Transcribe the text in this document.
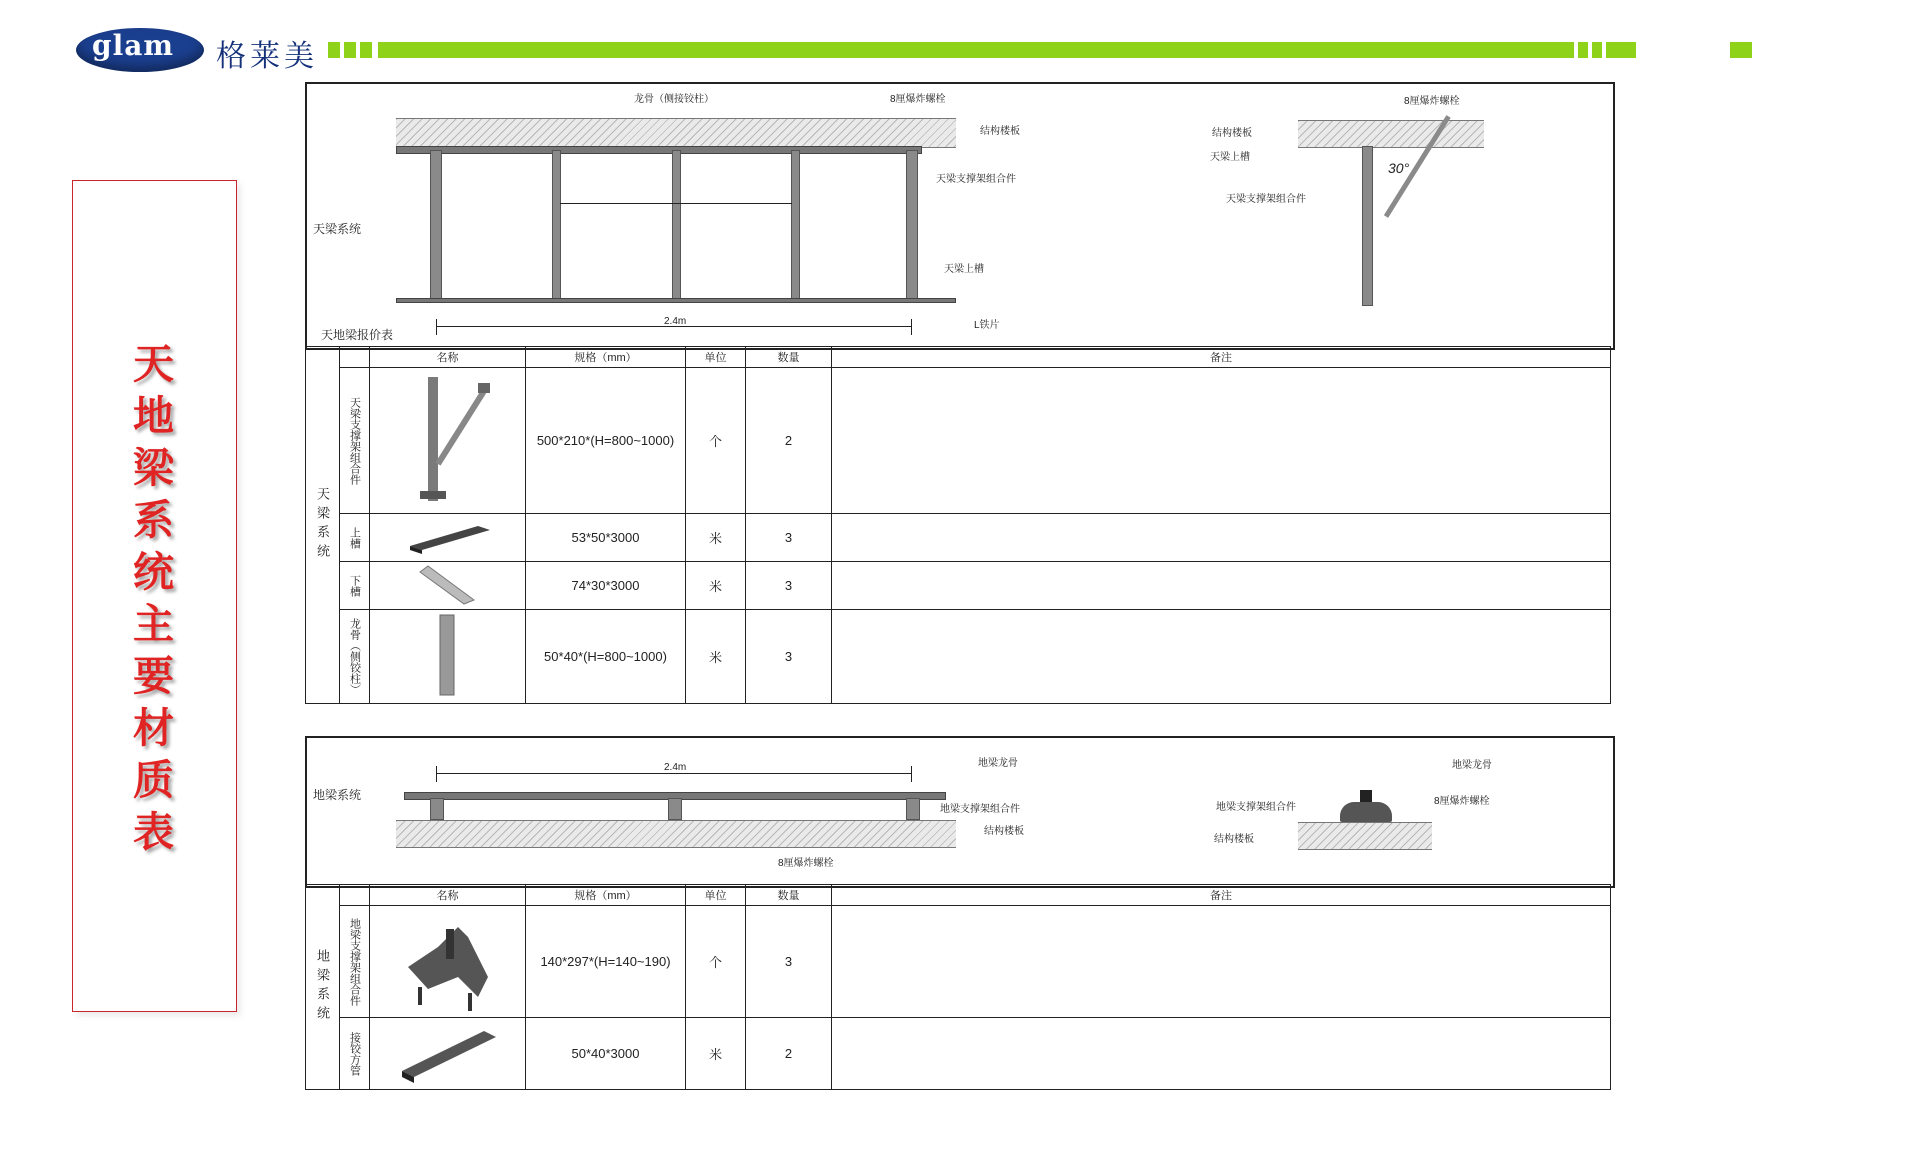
glam 格莱美
天
地
梁
系
统
主
要
材
质
表
天梁系统
天地梁报价表
龙骨（侧接铰柱）	8厘爆炸螺栓
结构楼板
天梁支撑架组合件
天梁上槽
2.4m	L铁片
8厘爆炸螺栓
结构楼板
天梁上槽
30°
天梁支撑架组合件
天梁系统		名称	规格（mm）	单位	数量	备注

	天梁支撑架组合件		500*210*(H=800~1000)	个	2	

	上槽		53*50*3000	米	3	

	下槽		74*30*3000	米	3	

	龙骨（侧铰柱）		50*40*(H=800~1000)	米	3	
地梁系统
2.4m	地梁龙骨
地梁支撑架组合件
结构楼板
8厘爆炸螺栓
地梁龙骨
8厘爆炸螺栓
地梁支撑架组合件
结构楼板
地梁系统		名称	规格（mm）	单位	数量	备注

	地梁支撑架组合件		140*297*(H=140~190)	个	3	

	接铰方管		50*40*3000	米	2	
